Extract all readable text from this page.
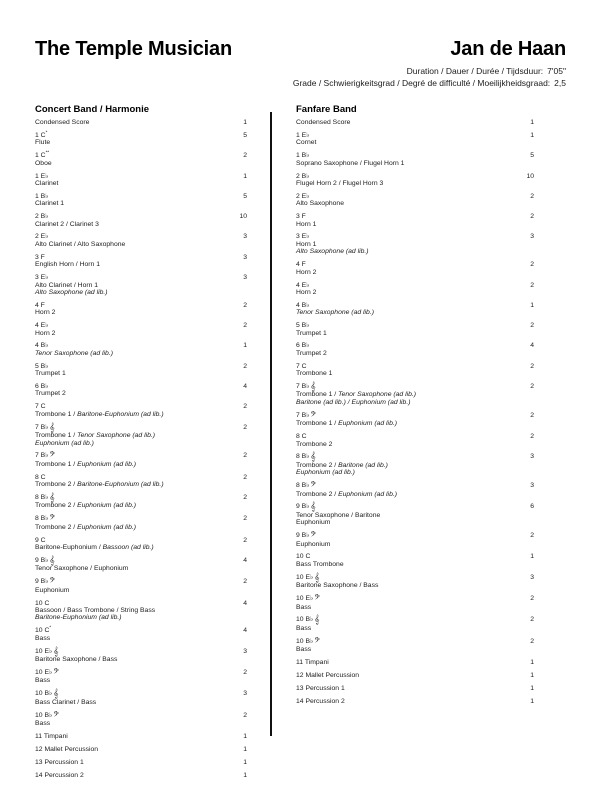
The Temple Musician	Jan de Haan
Duration / Dauer / Durée / Tijdsduur: 7'05"
Grade / Schwierigkeitsgrad / Degré de difficulté / Moeilijkheidsgraad: 2,5
Concert Band / Harmonie
1
Condensed Score
5
1 C*
Flute
2
1 C**
Oboe
1
1 E♭
Clarinet
5
1 B♭
Clarinet 1
10
2 B♭
Clarinet 2 / Clarinet 3
3
2 E♭
Alto Clarinet / Alto Saxophone
3
3 F
English Horn / Horn 1
3
3 E♭
Alto Clarinet / Horn 1
Alto Saxophone (ad lib.)
2
4 F
Horn 2
2
4 E♭
Horn 2
1
4 B♭
Tenor Saxophone (ad lib.)
2
5 B♭
Trumpet 1
4
6 B♭
Trumpet 2
2
7 C
Trombone 1 / Baritone-Euphonium (ad lib.)
2
7 B♭𝄞
Trombone 1 / Tenor Saxophone (ad lib.)
Euphonium (ad lib.)
2
7 B♭𝄢
Trombone 1 / Euphonium (ad lib.)
2
8 C
Trombone 2 / Baritone-Euphonium (ad lib.)
2
8 B♭𝄞
Trombone 2 / Euphonium (ad lib.)
2
8 B♭𝄢
Trombone 2 / Euphonium (ad lib.)
2
9 C
Baritone-Euphonium / Bassoon (ad lib.)
4
9 B♭𝄞
Tenor Saxophone / Euphonium
2
9 B♭𝄢
Euphonium
4
10 C
Bassoon / Bass Trombone / String Bass
Baritone-Euphonium (ad lib.)
4
10 C*
Bass
3
10 E♭𝄞
Baritone Saxophone / Bass
2
10 E♭𝄢
Bass
3
10 B♭𝄞
Bass Clarinet / Bass
2
10 B♭𝄢
Bass
1
11 Timpani
1
12 Mallet Percussion
1
13 Percussion 1
1
14 Percussion 2
Fanfare Band
1
Condensed Score
1
1 E♭
Cornet
5
1 B♭
Soprano Saxophone / Flugel Horn 1
10
2 B♭
Flugel Horn 2 / Flugel Horn 3
2
2 E♭
Alto Saxophone
2
3 F
Horn 1
3
3 E♭
Horn 1
Alto Saxophone (ad lib.)
2
4 F
Horn 2
2
4 E♭
Horn 2
1
4 B♭
Tenor Saxophone (ad lib.)
2
5 B♭
Trumpet 1
4
6 B♭
Trumpet 2
2
7 C
Trombone 1
2
7 B♭𝄞
Trombone 1 / Tenor Saxophone (ad lib.)
Baritone (ad lib.) / Euphonium (ad lib.)
2
7 B♭𝄢
Trombone 1 / Euphonium (ad lib.)
2
8 C
Trombone 2
3
8 B♭𝄞
Trombone 2 / Baritone (ad lib.)
Euphonium (ad lib.)
3
8 B♭𝄢
Trombone 2 / Euphonium (ad lib.)
6
9 B♭𝄞
Tenor Saxophone / Baritone
Euphonium
2
9 B♭𝄢
Euphonium
1
10 C
Bass Trombone
3
10 E♭𝄞
Baritone Saxophone / Bass
2
10 E♭𝄢
Bass
2
10 B♭𝄞
Bass
2
10 B♭𝄢
Bass
1
11 Timpani
1
12 Mallet Percussion
1
13 Percussion 1
1
14 Percussion 2
